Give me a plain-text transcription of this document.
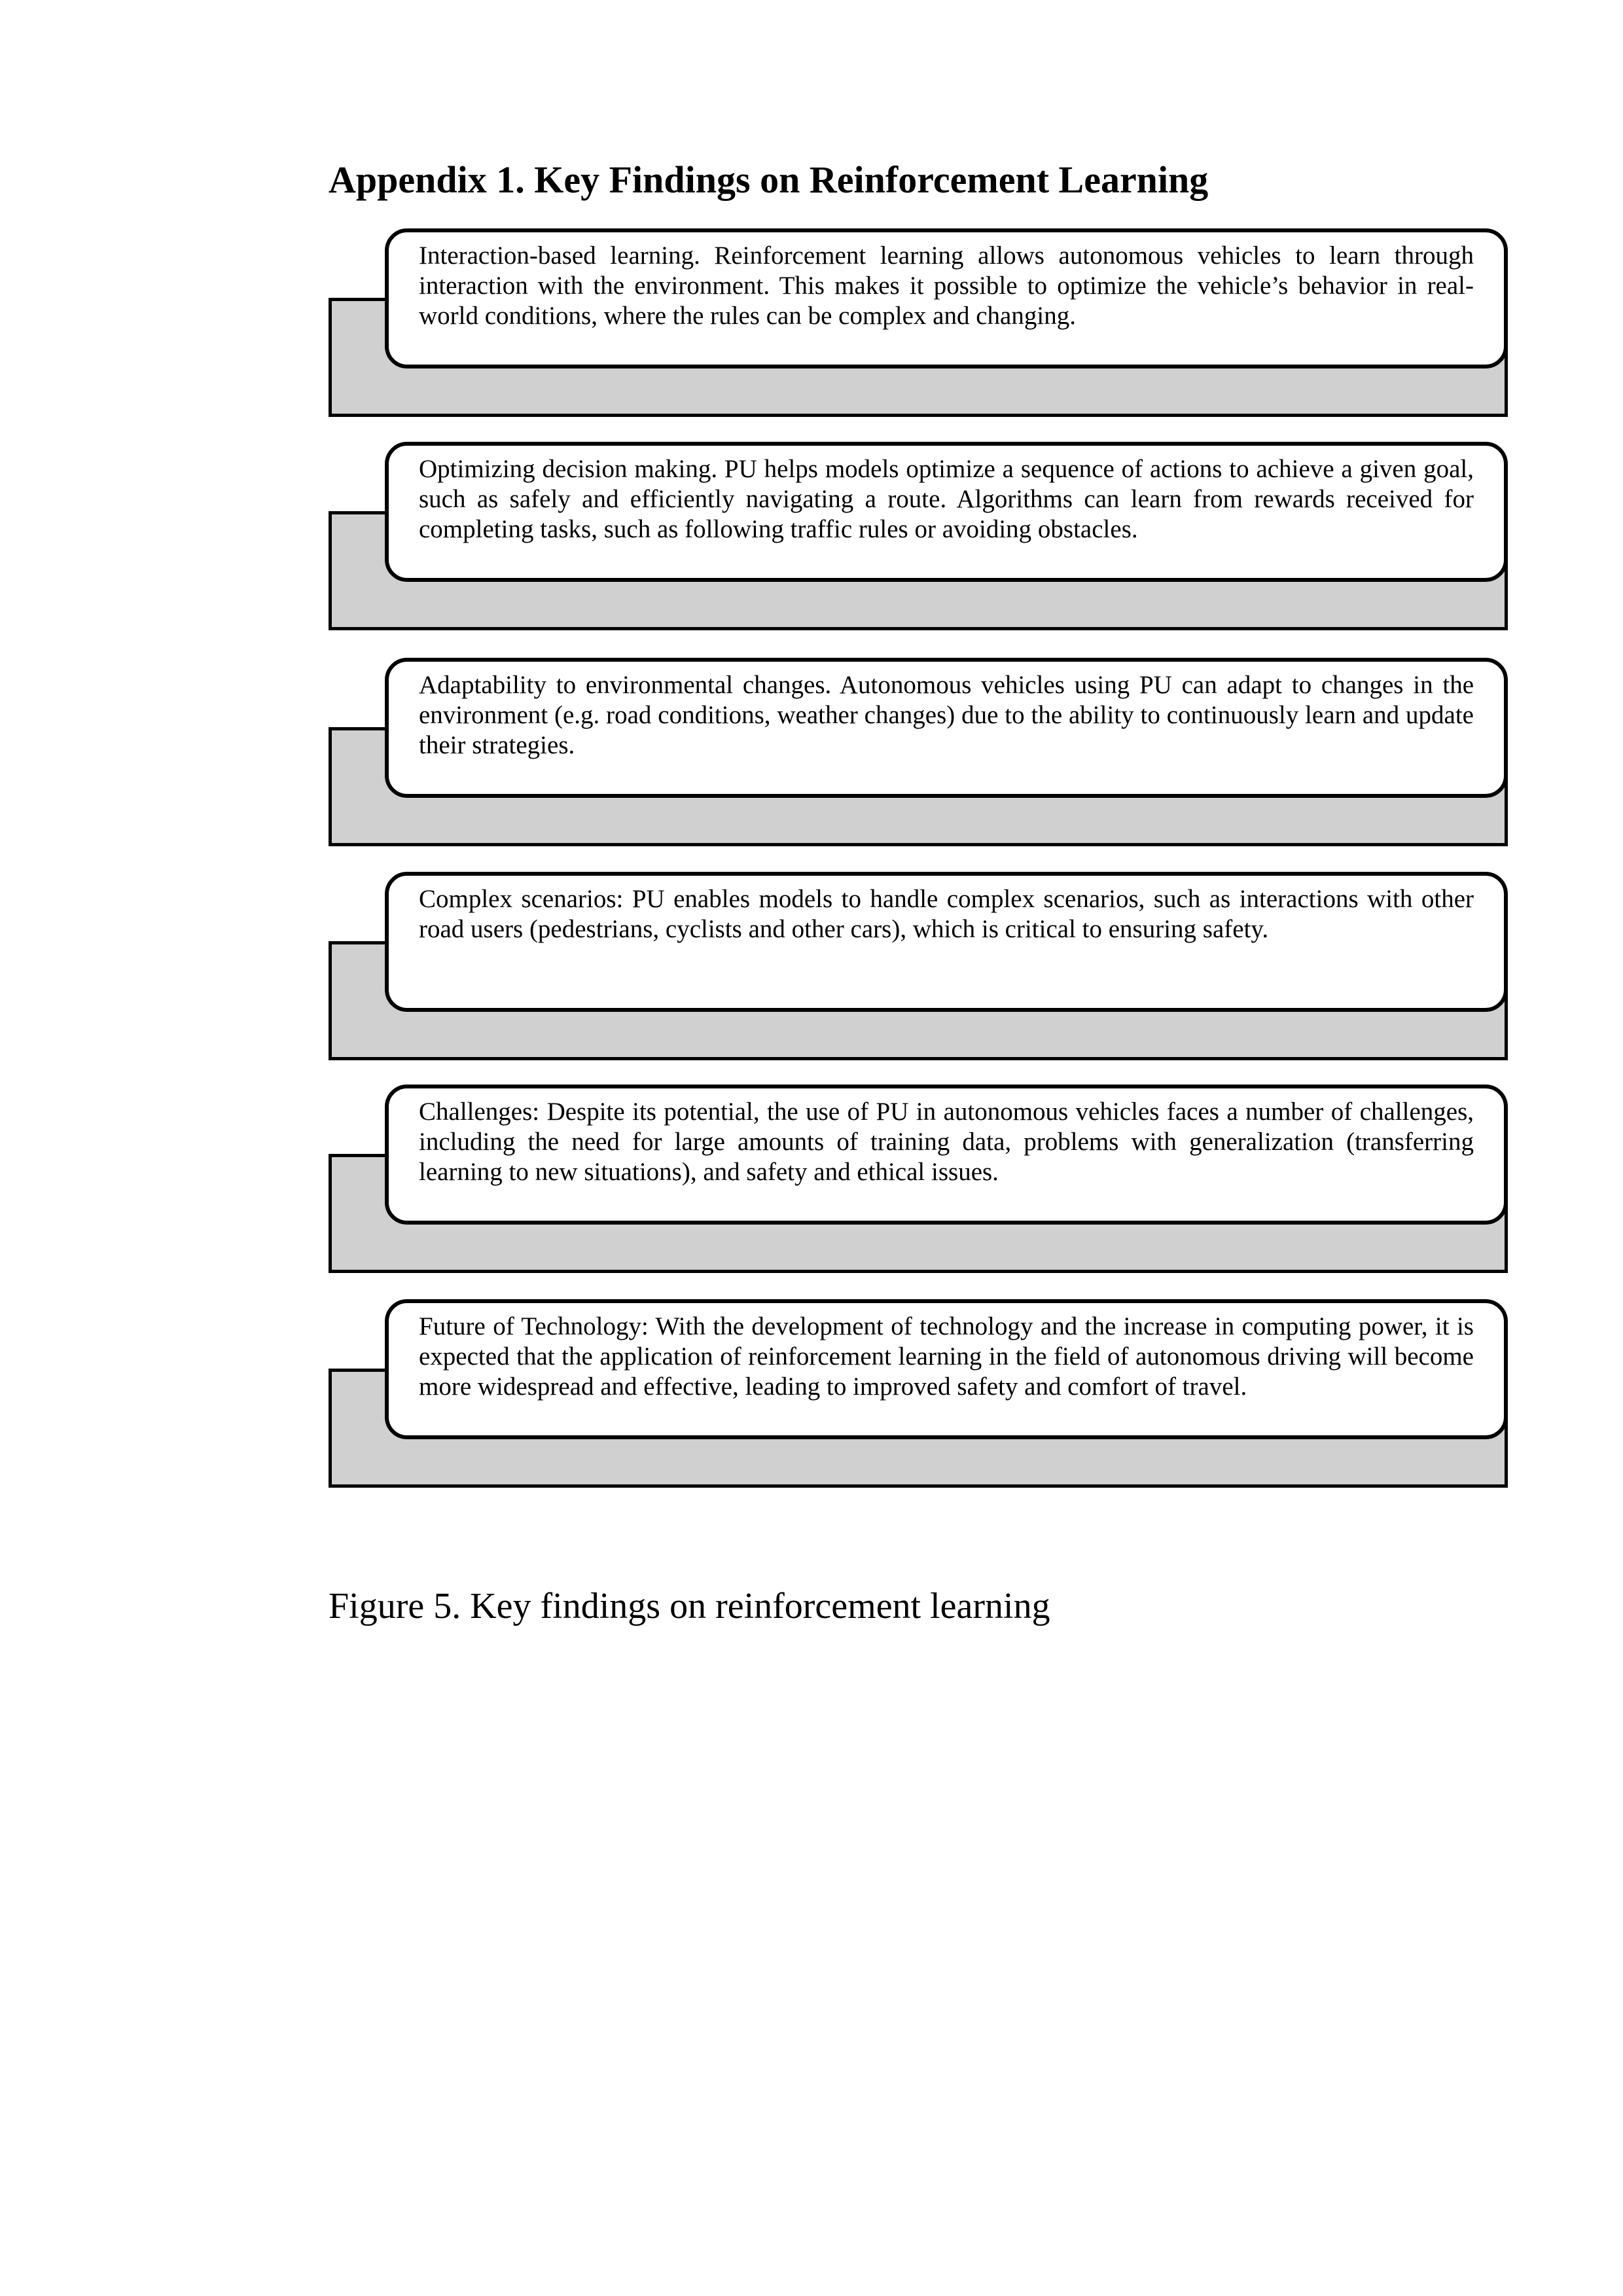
Appendix 1. Key Findings on Reinforcement Learning
Interaction-based learning. Reinforcement learning allows autonomous vehicles to learn through interaction with the environment. This makes it possible to optimize the vehicle’s behavior in real-world conditions, where the rules can be complex and changing.
Optimizing decision making. PU helps models optimize a sequence of actions to achieve a given goal, such as safely and efficiently navigating a route. Algorithms can learn from rewards received for completing tasks, such as following traffic rules or avoiding obstacles.
Adaptability to environmental changes. Autonomous vehicles using PU can adapt to changes in the environment (e.g. road conditions, weather changes) due to the ability to continuously learn and update their strategies.
Complex scenarios: PU enables models to handle complex scenarios, such as interactions with other road users (pedestrians, cyclists and other cars), which is critical to ensuring safety.
Challenges: Despite its potential, the use of PU in autonomous vehicles faces a number of challenges, including the need for large amounts of training data, problems with generalization (transferring learning to new situations), and safety and ethical issues.
Future of Technology: With the development of technology and the increase in computing power, it is expected that the application of reinforcement learning in the field of autonomous driving will become more widespread and effective, leading to improved safety and comfort of travel.
Figure 5. Key findings on reinforcement learning
